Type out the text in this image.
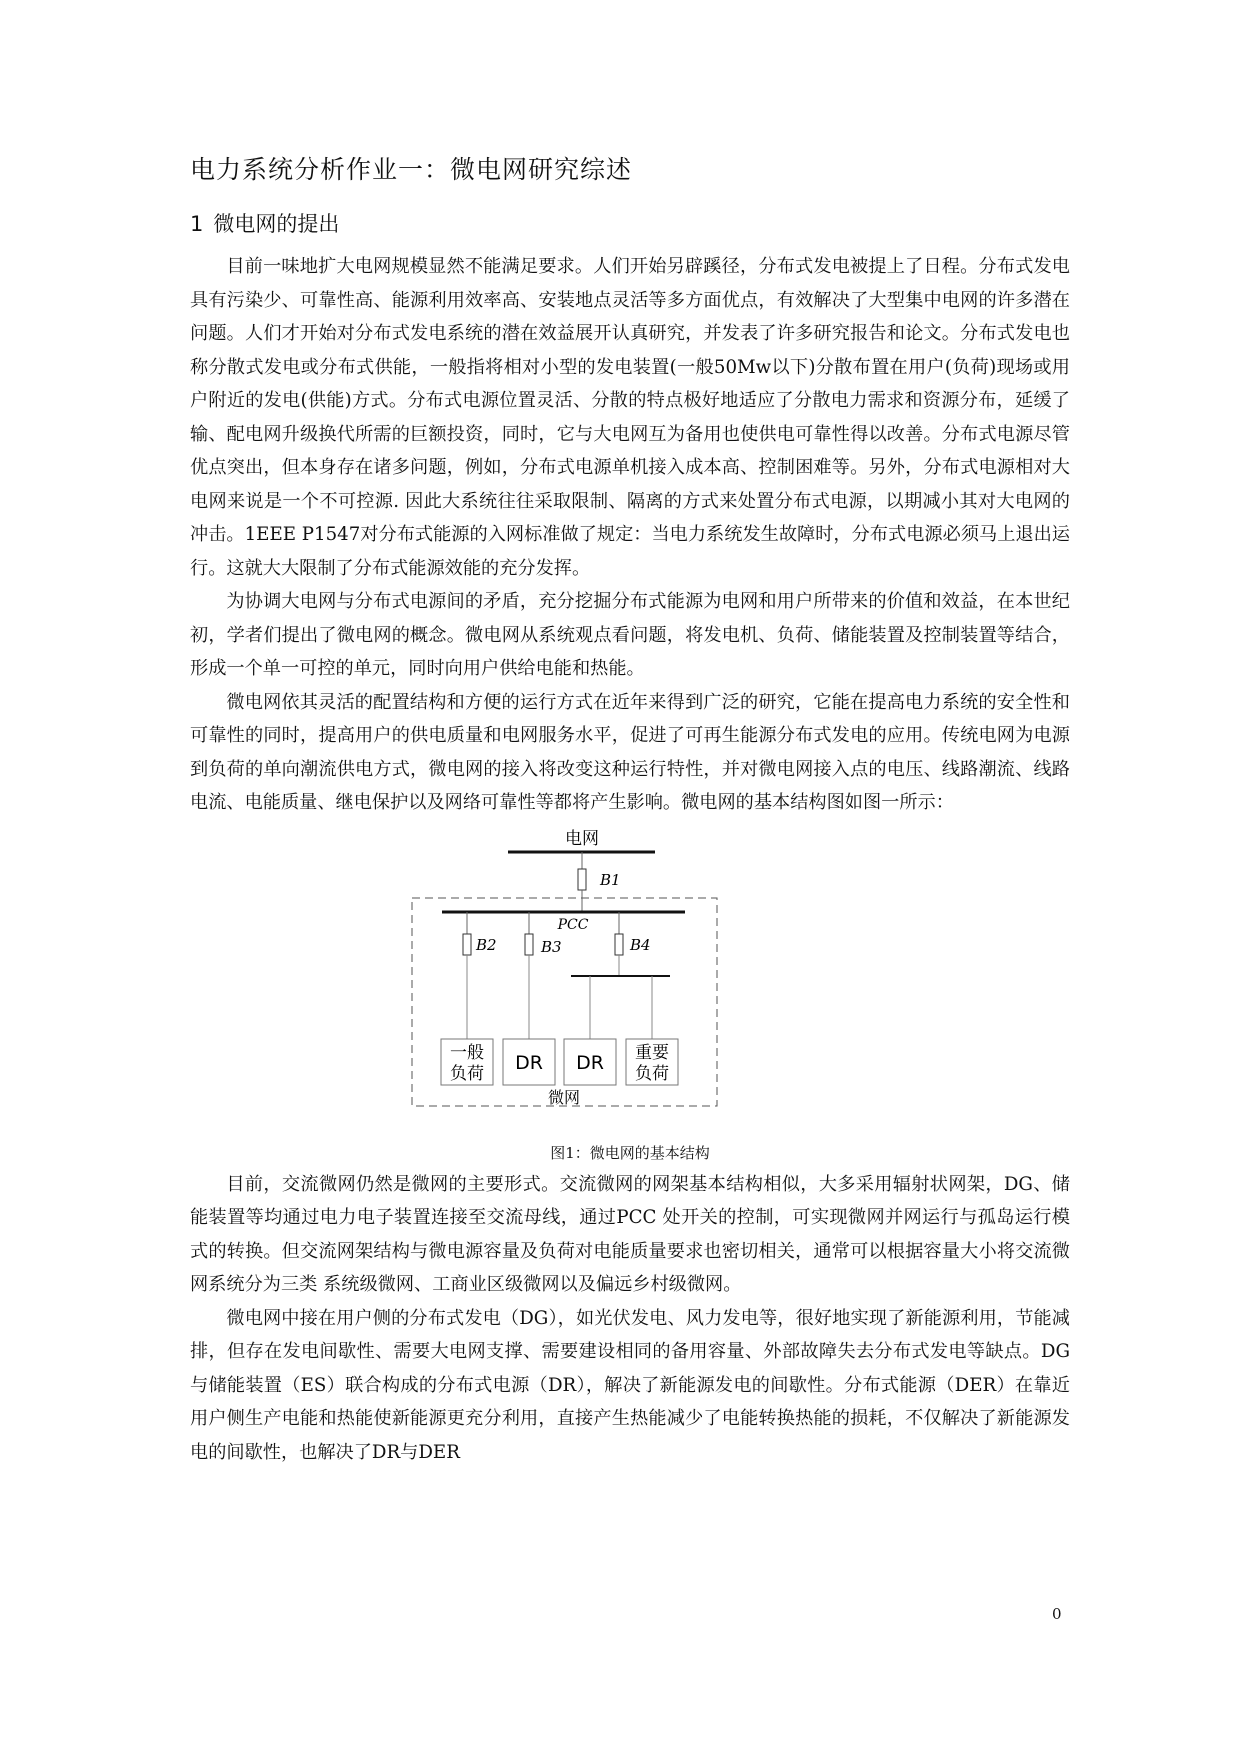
电力系统分析作业一：微电网研究综述
1 微电网的提出

目前一味地扩大电网规模显然不能满足要求。人们开始另辟蹊径，分布式发电被提上了日程。分布式发电具有污染少、可靠性高、能源利用效率高、安装地点灵活等多方面优点，有效解决了大型集中电网的许多潜在问题。人们才开始对分布式发电系统的潜在效益展开认真研究，并发表了许多研究报告和论文。分布式发电也称分散式发电或分布式供能，一般指将相对小型的发电装置(一般50Mw以下)分散布置在用户(负荷)现场或用户附近的发电(供能)方式。分布式电源位置灵活、分散的特点极好地适应了分散电力需求和资源分布，延缓了输、配电网升级换代所需的巨额投资，同时，它与大电网互为备用也使供电可靠性得以改善。分布式电源尽管优点突出，但本身存在诸多问题，例如，分布式电源单机接入成本高、控制困难等。另外，分布式电源相对大电网来说是一个不可控源. 因此大系统往往采取限制、隔离的方式来处置分布式电源，以期减小其对大电网的冲击。1EEE P1547对分布式能源的入网标准做了规定：当电力系统发生故障时，分布式电源必须马上退出运行。这就大大限制了分布式能源效能的充分发挥。

为协调大电网与分布式电源间的矛盾，充分挖掘分布式能源为电网和用户所带来的价值和效益，在本世纪初，学者们提出了微电网的概念。微电网从系统观点看问题，将发电机、负荷、储能装置及控制装置等结合，形成一个单一可控的单元，同时向用户供给电能和热能。

微电网依其灵活的配置结构和方便的运行方式在近年来得到广泛的研究，它能在提高电力系统的安全性和可靠性的同时，提高用户的供电质量和电网服务水平，促进了可再生能源分布式发电的应用。传统电网为电源到负荷的单向潮流供电方式，微电网的接入将改变这种运行特性，并对微电网接入点的电压、线路潮流、线路电流、电能质量、继电保护以及网络可靠性等都将产生影响。微电网的基本结构图如图一所示：

电网
B1
PCC
B2	B3	B4
一般
负荷 DR DR 重要
负荷
微网
图1：微电网的基本结构

目前，交流微网仍然是微网的主要形式。交流微网的网架基本结构相似，大多采用辐射状网架，DG、储能装置等均通过电力电子装置连接至交流母线，通过PCC 处开关的控制，可实现微网并网运行与孤岛运行模式的转换。但交流网架结构与微电源容量及负荷对电能质量要求也密切相关，通常可以根据容量大小将交流微网系统分为三类 系统级微网、工商业区级微网以及偏远乡村级微网。

微电网中接在用户侧的分布式发电（DG），如光伏发电、风力发电等，很好地实现了新能源利用，节能减排，但存在发电间歇性、需要大电网支撑、需要建设相同的备用容量、外部故障失去分布式发电等缺点。DG与储能装置（ES）联合构成的分布式电源（DR），解决了新能源发电的间歇性。分布式能源（DER）在靠近用户侧生产电能和热能使新能源更充分利用，直接产生热能减少了电能转换热能的损耗，不仅解决了新能源发电的间歇性，也解决了DR与DER

0
